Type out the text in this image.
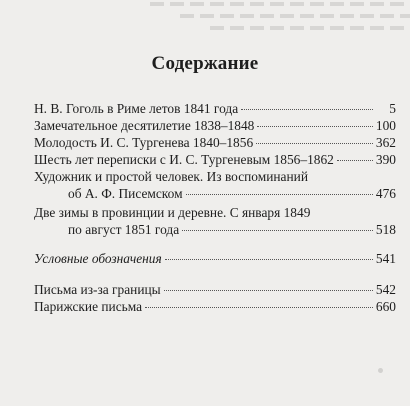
Содержание
Н. В. Гоголь в Риме летов 1841 года	5
Замечательное десятилетие 1838–1848	100
Молодость И. С. Тургенева 1840–1856	362
Шесть лет переписки с И. С. Тургеневым 1856–1862	390
Художник и простой человек. Из воспоминаний
об А. Ф. Писемском	476
Две зимы в провинции и деревне. С января 1849
по август 1851 года	518
Условные обозначения	541
Письма из-за границы	542
Парижские письма	660
